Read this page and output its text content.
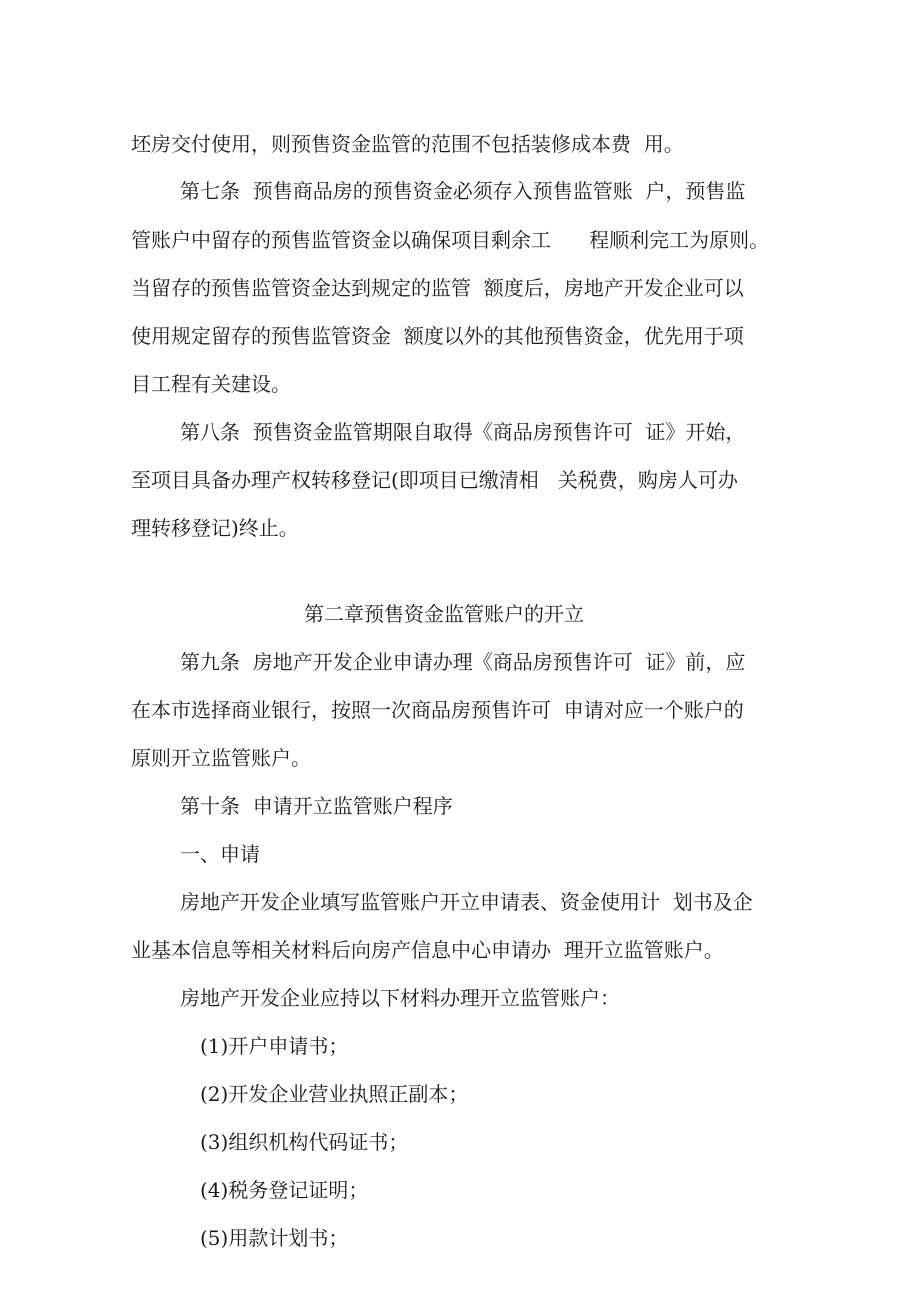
坯房交付使用，则预售资金监管的范围不包括装修成本费  用。
第七条  预售商品房的预售资金必须存入预售监管账  户，预售监
管账户中留存的预售监管资金以确保项目剩余工      程顺利完工为原则。
当留存的预售监管资金达到规定的监管  额度后，房地产开发企业可以
使用规定留存的预售监管资金  额度以外的其他预售资金，优先用于项
目工程有关建设。
第八条  预售资金监管期限自取得《商品房预售许可  证》开始，
至项目具备办理产权转移登记(即项目已缴清相   关税费，购房人可办
理转移登记)终止。
第二章预售资金监管账户的开立
第九条  房地产开发企业申请办理《商品房预售许可  证》前，应
在本市选择商业银行，按照一次商品房预售许可  申请对应一个账户的
原则开立监管账户。
第十条  申请开立监管账户程序
一、申请
房地产开发企业填写监管账户开立申请表、资金使用计  划书及企
业基本信息等相关材料后向房产信息中心申请办  理开立监管账户。
房地产开发企业应持以下材料办理开立监管账户：
(1)开户申请书；
(2)开发企业营业执照正副本；
(3)组织机构代码证书；
(4)税务登记证明；
(5)用款计划书；
